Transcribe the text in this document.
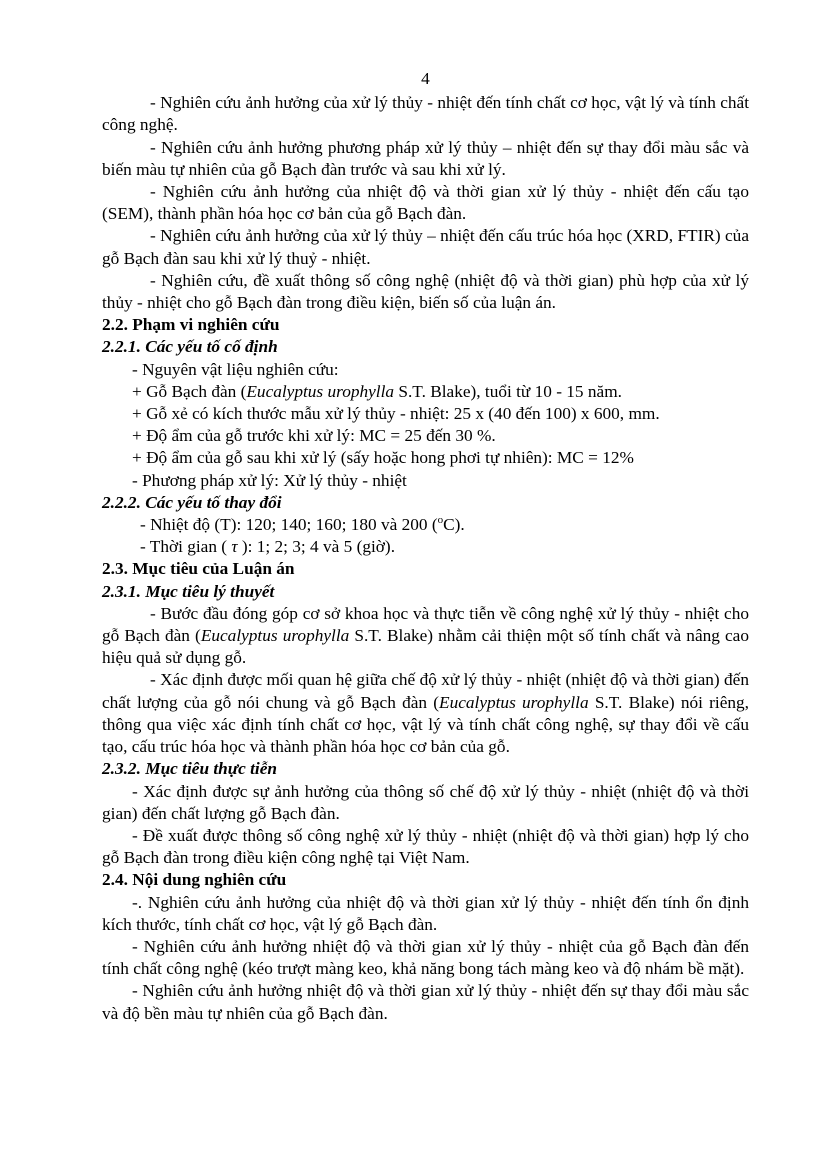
4

- Nghiên cứu ảnh hưởng của xử lý thủy - nhiệt đến tính chất cơ học, vật lý và tính chất công nghệ.

- Nghiên cứu ảnh hưởng phương pháp xử lý thủy – nhiệt đến sự thay đổi màu sắc và biến màu tự nhiên của gỗ Bạch đàn trước và sau khi xử lý.

- Nghiên cứu ảnh hưởng của nhiệt độ và thời gian xử lý thủy - nhiệt đến cấu tạo (SEM), thành phần hóa học cơ bản của gỗ Bạch đàn.

- Nghiên cứu ảnh hưởng của xử lý thủy – nhiệt đến cấu trúc hóa học (XRD, FTIR) của gỗ Bạch đàn sau khi xử lý thuỷ - nhiệt.

- Nghiên cứu, đề xuất thông số công nghệ (nhiệt độ và thời gian) phù hợp của xử lý thủy - nhiệt cho gỗ Bạch đàn trong điều kiện, biến số của luận án.

2.2. Phạm vi nghiên cứu
2.2.1. Các yếu tố cố định

- Nguyên vật liệu nghiên cứu:

+ Gỗ Bạch đàn (Eucalyptus urophylla S.T. Blake), tuổi từ 10 - 15 năm.

+ Gỗ xẻ có kích thước mẫu xử lý thủy - nhiệt: 25 x (40 đến 100) x 600, mm.

+ Độ ẩm của gỗ trước khi xử lý: MC = 25 đến 30 %.

+ Độ ẩm của gỗ sau khi xử lý (sấy hoặc hong phơi tự nhiên): MC = 12%

- Phương pháp xử lý: Xử lý thủy - nhiệt

2.2.2. Các yếu tố thay đổi

- Nhiệt độ (T): 120; 140; 160; 180 và 200 ($^o$C).

- Thời gian ( τ ): 1; 2; 3; 4 và 5 (giờ).

2.3. Mục tiêu của Luận án
2.3.1. Mục tiêu lý thuyết

- Bước đầu đóng góp cơ sở khoa học và thực tiễn về công nghệ xử lý thủy - nhiệt cho gỗ Bạch đàn (Eucalyptus urophylla S.T. Blake) nhằm cải thiện một số tính chất và nâng cao hiệu quả sử dụng gỗ.

- Xác định được mối quan hệ giữa chế độ xử lý thủy - nhiệt (nhiệt độ và thời gian) đến chất lượng của gỗ nói chung và gỗ Bạch đàn (Eucalyptus urophylla S.T. Blake) nói riêng, thông qua việc xác định tính chất cơ học, vật lý và tính chất công nghệ, sự thay đổi về cấu tạo, cấu trúc hóa học và thành phần hóa học cơ bản của gỗ.

2.3.2. Mục tiêu thực tiễn

- Xác định được sự ảnh hưởng của thông số chế độ xử lý thủy - nhiệt (nhiệt độ và thời gian) đến chất lượng gỗ Bạch đàn.

- Đề xuất được thông số công nghệ xử lý thủy - nhiệt (nhiệt độ và thời gian) hợp lý cho gỗ Bạch đàn trong điều kiện công nghệ tại Việt Nam.

2.4. Nội dung nghiên cứu

-. Nghiên cứu ảnh hưởng của nhiệt độ và thời gian xử lý thủy - nhiệt đến tính ổn định kích thước, tính chất cơ học, vật lý gỗ Bạch đàn.

- Nghiên cứu ảnh hưởng nhiệt độ và thời gian xử lý thủy - nhiệt của gỗ Bạch đàn đến tính chất công nghệ (kéo trượt màng keo, khả năng bong tách màng keo và độ nhám bề mặt).

- Nghiên cứu ảnh hưởng nhiệt độ và thời gian xử lý thủy - nhiệt đến sự thay đổi màu sắc và độ bền màu tự nhiên của gỗ Bạch đàn.
